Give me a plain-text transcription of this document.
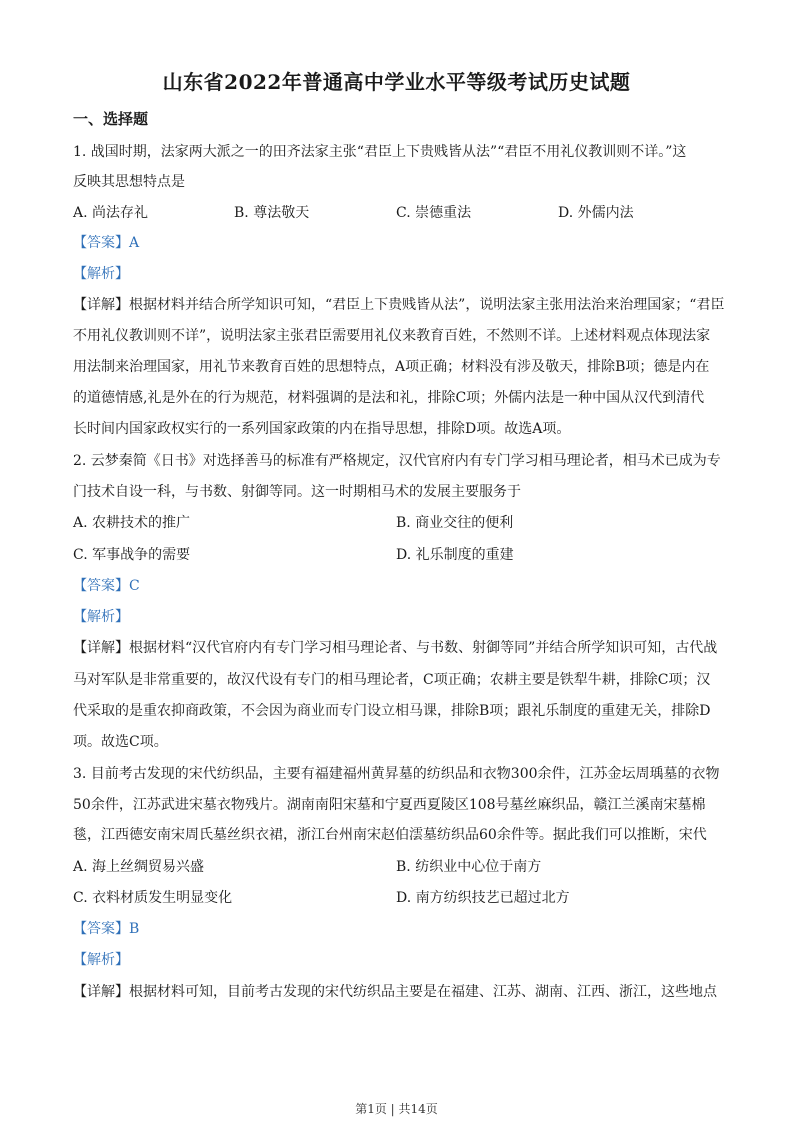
山东省2022年普通高中学业水平等级考试历史试题
一、选择题
1. 战国时期，法家两大派之一的田齐法家主张“君臣上下贵贱皆从法”“君臣不用礼仪教训则不详。”这
反映其思想特点是
A. 尚法存礼	B. 尊法敬天	C. 崇德重法	D. 外儒内法
【答案】A
【解析】
【详解】根据材料并结合所学知识可知，“君臣上下贵贱皆从法”，说明法家主张用法治来治理国家；“君臣
不用礼仪教训则不详”，说明法家主张君臣需要用礼仪来教育百姓，不然则不详。上述材料观点体现法家
用法制来治理国家，用礼节来教育百姓的思想特点，A项正确；材料没有涉及敬天，排除B项；德是内在
的道德情感,礼是外在的行为规范，材料强调的是法和礼，排除C项；外儒内法是一种中国从汉代到清代
长时间内国家政权实行的一系列国家政策的内在指导思想，排除D项。故选A项。
2. 云梦秦简《日书》对选择善马的标准有严格规定，汉代官府内有专门学习相马理论者，相马术已成为专
门技术自设一科，与书数、射御等同。这一时期相马术的发展主要服务于
A. 农耕技术的推广	B. 商业交往的便利
C. 军事战争的需要	D. 礼乐制度的重建
【答案】C
【解析】
【详解】根据材料“汉代官府内有专门学习相马理论者、与书数、射御等同”并结合所学知识可知，古代战
马对军队是非常重要的，故汉代设有专门的相马理论者，C项正确；农耕主要是铁犁牛耕，排除C项；汉
代采取的是重农抑商政策，不会因为商业而专门设立相马课，排除B项；跟礼乐制度的重建无关，排除D
项。故选C项。
3. 目前考古发现的宋代纺织品，主要有福建福州黄昇墓的纺织品和衣物300余件，江苏金坛周瑀墓的衣物
50余件，江苏武进宋墓衣物残片。湖南南阳宋墓和宁夏西夏陵区108号墓丝麻织品，赣江兰溪南宋墓棉
毯，江西德安南宋周氏墓丝织衣裙，浙江台州南宋赵伯澐墓纺织品60余件等。据此我们可以推断，宋代
A. 海上丝绸贸易兴盛	B. 纺织业中心位于南方
C. 衣料材质发生明显变化	D. 南方纺织技艺已超过北方
【答案】B
【解析】
【详解】根据材料可知，目前考古发现的宋代纺织品主要是在福建、江苏、湖南、江西、浙江，这些地点
第1页 | 共14页
